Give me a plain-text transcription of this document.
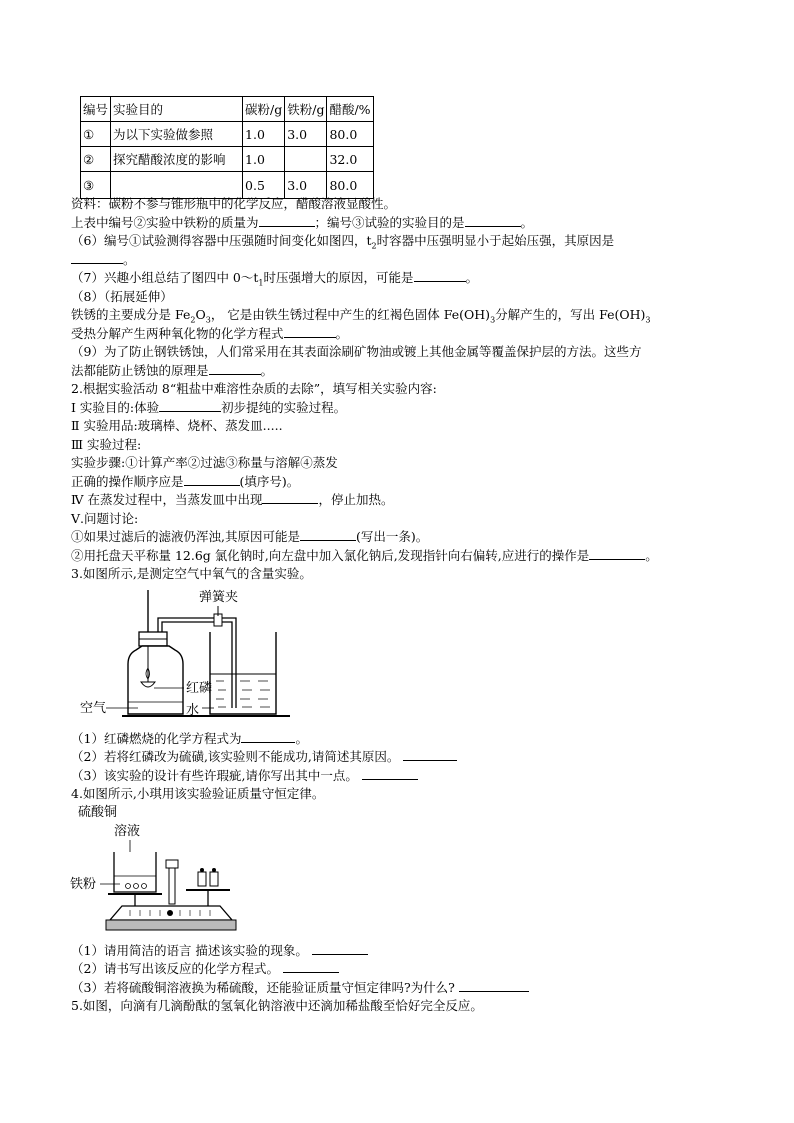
编号	实验目的	碳粉/g	铁粉/g	醋酸/%
①	为以下实验做参照	1.0	3.0	80.0
②	探究醋酸浓度的影响	1.0		32.0
③		0.5	3.0	80.0
资料：碳粉不参与锥形瓶中的化学反应，醋酸溶液显酸性。
上表中编号②实验中铁粉的质量为	；编号③试验的实验目的是	。
（6）编号①试验测得容器中压强随时间变化如图四，$t_2$时容器中压强明显小于起始压强，其原因是
。
（7）兴趣小组总结了图四中 $0\sim t_1$时压强增大的原因，可能是	。
（8）（拓展延伸）
铁锈的主要成分是 $Fe_2O_3$， 它是由铁生锈过程中产生的红褐色固体 $Fe(OH)_3$分解产生的，写出 $Fe(OH)_3$
受热分解产生两种氧化物的化学方程式	。
（9）为了防止钢铁锈蚀，人们常采用在其表面涂刷矿物油或镀上其他金属等覆盖保护层的方法。这些方
法都能防止锈蚀的原理是	。
2.根据实验活动 8“粗盐中难溶性杂质的去除”，填写相关实验内容:
Ⅰ 实验目的:体验	初步提纯的实验过程。
Ⅱ 实验用品:玻璃棒、烧杯、蒸发皿.....
Ⅲ 实验过程:
实验步骤:①计算产率②过滤③称量与溶解④蒸发
正确的操作顺序应是	(填序号)。
Ⅳ 在蒸发过程中，当蒸发皿中出现	，停止加热。
Ⅴ.问题讨论:
①如果过滤后的滤液仍浑浊,其原因可能是	(写出一条)。
②用托盘天平称量 12.6g 氯化钠时,向左盘中加入氯化钠后,发现指针向右偏转,应进行的操作是	。
3.如图所示,是测定空气中氧气的含量实验。
弹簧夹
红磷
水
空气
（1）红磷燃烧的化学方程式为	。
（2）若将红磷改为硫磺,该实验则不能成功,请简述其原因。
（3）该实验的设计有些许瑕疵,请你写出其中一点。
4.如图所示,小琪用该实验验证质量守恒定律。
硫酸铜
溶液
铁粉
（1）请用简洁的语言 描述该实验的现象。
（2）请书写出该反应的化学方程式。
（3）若将硫酸铜溶液换为稀硫酸，还能验证质量守恒定律吗?为什么?
5.如图，向滴有几滴酚酞的氢氧化钠溶液中还滴加稀盐酸至恰好完全反应。
